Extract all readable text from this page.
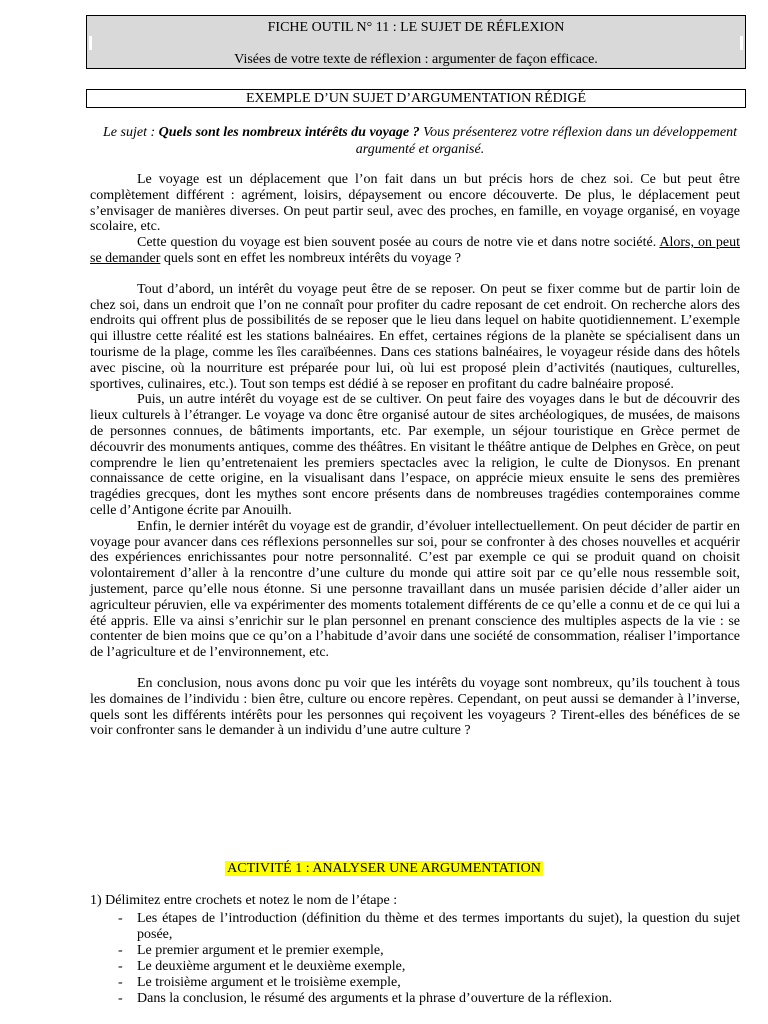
FICHE OUTIL N° 11 : LE SUJET DE RÉFLEXION
Visées de votre texte de réflexion : argumenter de façon efficace.
EXEMPLE D’UN SUJET D’ARGUMENTATION RÉDIGÉ
Le sujet : Quels sont les nombreux intérêts du voyage ? Vous présenterez votre réflexion dans un développement argumenté et organisé.

Le voyage est un déplacement que l’on fait dans un but précis hors de chez soi. Ce but peut être complètement différent : agrément, loisirs, dépaysement ou encore découverte. De plus, le déplacement peut s’envisager de manières diverses. On peut partir seul, avec des proches, en famille, en voyage organisé, en voyage scolaire, etc.

Cette question du voyage est bien souvent posée au cours de notre vie et dans notre société. Alors, on peut se demander quels sont en effet les nombreux intérêts du voyage ?

Tout d’abord, un intérêt du voyage peut être de se reposer. On peut se fixer comme but de partir loin de chez soi, dans un endroit que l’on ne connaît pour profiter du cadre reposant de cet endroit. On recherche alors des endroits qui offrent plus de possibilités de se reposer que le lieu dans lequel on habite quotidiennement. L’exemple qui illustre cette réalité est les stations balnéaires. En effet, certaines régions de la planète se spécialisent dans un tourisme de la plage, comme les îles caraïbéennes. Dans ces stations balnéaires, le voyageur réside dans des hôtels avec piscine, où la nourriture est préparée pour lui, où lui est proposé plein d’activités (nautiques, culturelles, sportives, culinaires, etc.). Tout son temps est dédié à se reposer en profitant du cadre balnéaire proposé.

Puis, un autre intérêt du voyage est de se cultiver. On peut faire des voyages dans le but de découvrir des lieux culturels à l’étranger. Le voyage va donc être organisé autour de sites archéologiques, de musées, de maisons de personnes connues, de bâtiments importants, etc. Par exemple, un séjour touristique en Grèce permet de découvrir des monuments antiques, comme des théâtres. En visitant le théâtre antique de Delphes en Grèce, on peut comprendre le lien qu’entretenaient les premiers spectacles avec la religion, le culte de Dionysos. En prenant connaissance de cette origine, en la visualisant dans l’espace, on apprécie mieux ensuite le sens des premières tragédies grecques, dont les mythes sont encore présents dans de nombreuses tragédies contemporaines comme celle d’Antigone écrite par Anouilh.

Enfin, le dernier intérêt du voyage est de grandir, d’évoluer intellectuellement. On peut décider de partir en voyage pour avancer dans ces réflexions personnelles sur soi, pour se confronter à des choses nouvelles et acquérir des expériences enrichissantes pour notre personnalité. C’est par exemple ce qui se produit quand on choisit volontairement d’aller à la rencontre d’une culture du monde qui attire soit par ce qu’elle nous ressemble soit, justement, parce qu’elle nous étonne. Si une personne travaillant dans un musée parisien décide d’aller aider un agriculteur péruvien, elle va expérimenter des moments totalement différents de ce qu’elle a connu et de ce qui lui a été appris. Elle va ainsi s’enrichir sur le plan personnel en prenant conscience des multiples aspects de la vie : se contenter de bien moins que ce qu’on a l’habitude d’avoir dans une société de consommation, réaliser l’importance de l’agriculture et de l’environnement, etc.

En conclusion, nous avons donc pu voir que les intérêts du voyage sont nombreux, qu’ils touchent à tous les domaines de l’individu : bien être, culture ou encore repères. Cependant, on peut aussi se demander à l’inverse, quels sont les différents intérêts pour les personnes qui reçoivent les voyageurs ? Tirent-elles des bénéfices de se voir confronter sans le demander à un individu d’une autre culture ?

ACTIVITÉ 1 : ANALYSER UNE ARGUMENTATION
1) Délimitez entre crochets et notez le nom de l’étape :
- Les étapes de l’introduction (définition du thème et des termes importants du sujet), la question du sujet posée,
- Le premier argument et le premier exemple,
- Le deuxième argument et le deuxième exemple,
- Le troisième argument et le troisième exemple,
- Dans la conclusion, le résumé des arguments et la phrase d’ouverture de la réflexion.
